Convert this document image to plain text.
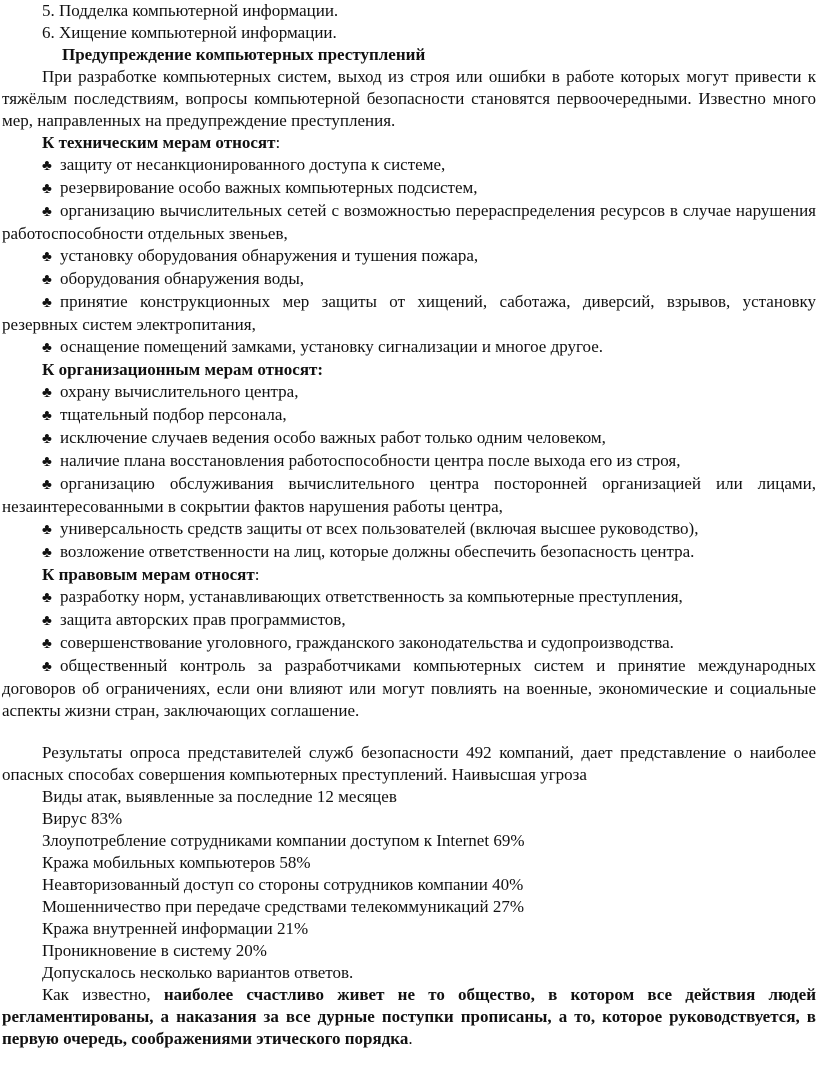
5. Подделка компьютерной информации.

6. Хищение компьютерной информации.

Предупреждение компьютерных преступлений

При разработке компьютерных систем, выход из строя или ошибки в работе которых могут привести к тяжёлым последствиям, вопросы компьютерной безопасности становятся первоочередными. Известно много мер, направленных на предупреждение преступления.

К техническим мерам относят:

♣ защиту от несанкционированного доступа к системе,

♣ резервирование особо важных компьютерных подсистем,

♣ организацию вычислительных сетей с возможностью перераспределения ресурсов в случае нарушения работоспособности отдельных звеньев,

♣ установку оборудования обнаружения и тушения пожара,

♣ оборудования обнаружения воды,

♣ принятие конструкционных мер защиты от хищений, саботажа, диверсий, взрывов, установку резервных систем электропитания,

♣ оснащение помещений замками, установку сигнализации и многое другое.

К организационным мерам относят:

♣ охрану вычислительного центра,

♣ тщательный подбор персонала,

♣ исключение случаев ведения особо важных работ только одним человеком,

♣ наличие плана восстановления работоспособности центра после выхода его из строя,

♣ организацию обслуживания вычислительного центра посторонней организацией или лицами, незаинтересованными в сокрытии фактов нарушения работы центра,

♣ универсальность средств защиты от всех пользователей (включая высшее руководство),

♣ возложение ответственности на лиц, которые должны обеспечить безопасность центра.

К правовым мерам относят:

♣ разработку норм, устанавливающих ответственность за компьютерные преступления,

♣ защита авторских прав программистов,

♣ совершенствование уголовного, гражданского законодательства и судопроизводства.

♣ общественный контроль за разработчиками компьютерных систем и принятие международных договоров об ограничениях, если они влияют или могут повлиять на военные, экономические и социальные аспекты жизни стран, заключающих соглашение.

Результаты опроса представителей служб безопасности 492 компаний, дает представление о наиболее опасных способах совершения компьютерных преступлений. Наивысшая угроза

Виды атак, выявленные за последние 12 месяцев

Вирус 83%

Злоупотребление сотрудниками компании доступом к Internet 69%

Кража мобильных компьютеров 58%

Неавторизованный доступ со стороны сотрудников компании 40%

Мошенничество при передаче средствами телекоммуникаций 27%

Кража внутренней информации 21%

Проникновение в систему 20%

Допускалось несколько вариантов ответов.

Как известно, наиболее счастливо живет не то общество, в котором все действия людей регламентированы, а наказания за все дурные поступки прописаны, а то, которое руководствуется, в первую очередь, соображениями этического порядка.
